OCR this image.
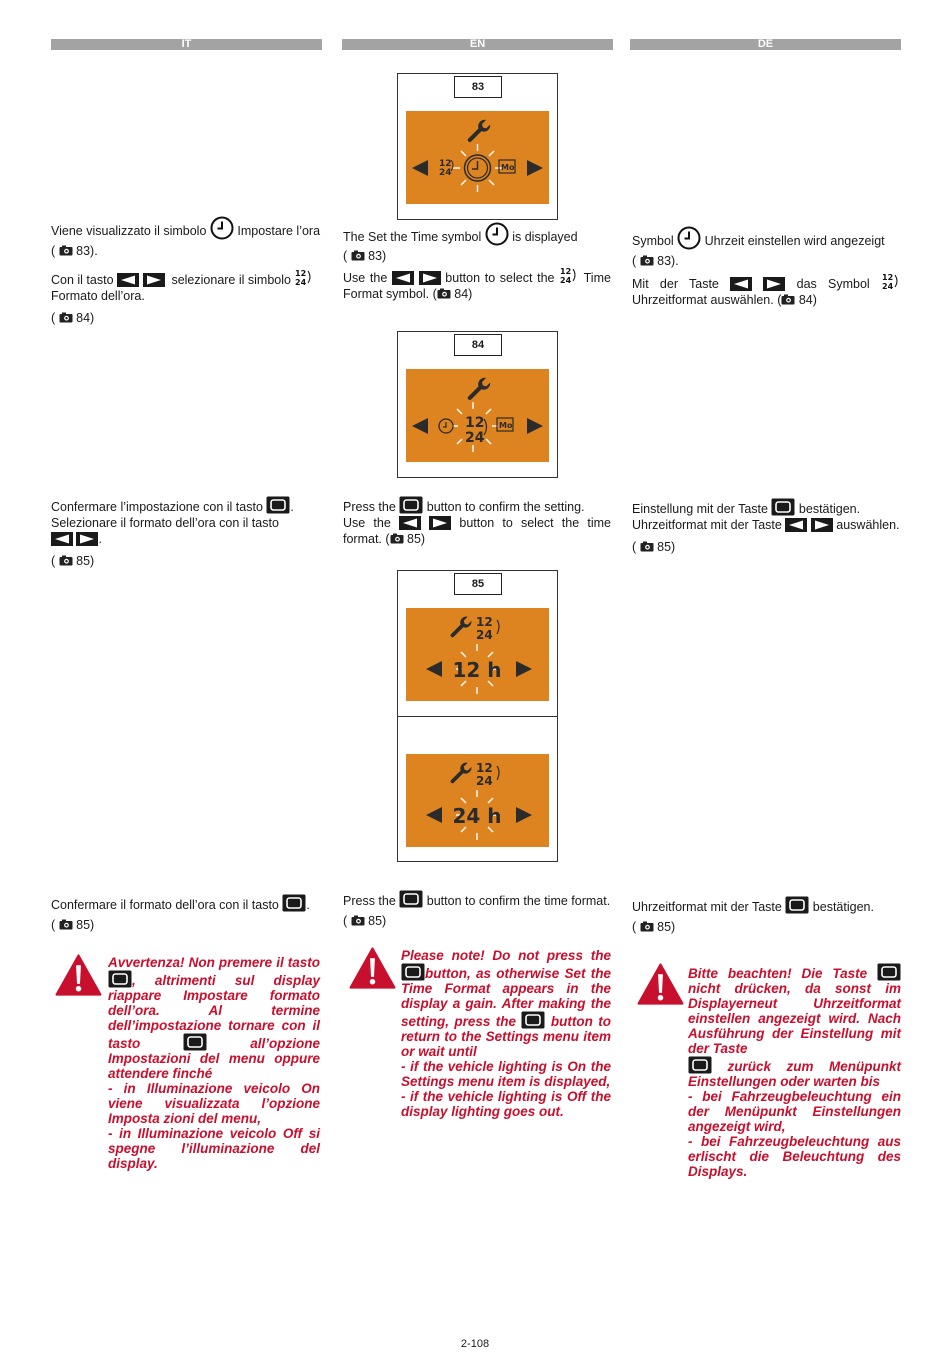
IT	EN	DE
83
12
24
Mo
84
12
24
Mo
85
12
24
12 h
12
24
24 h

Viene visualizzato il simbolo Impostare l’ora

(  83).

Con il tasto	selezionare il simbolo 12
24

Formato dell’ora.

(  84)

Confermare l’impostazione con il tasto .

Selezionare il formato dell’ora con il tasto

.

(  85)

Confermare il formato dell’ora con il tasto .

(  85)

Avvertenza! Non premere il tasto , altrimenti sul display riappare Impostare formato dell’ora. Al termine dell’impostazione tornare con il tasto	all’opzione Impostazioni del menu oppure attendere finché
- in Illuminazione veicolo On viene visualizzata l’opzione Imposta zioni del menu,
- in Illuminazione veicolo Off si spegne l’illuminazione del display.

The Set the Time symbol is displayed

(  83)

Use the	button to select the 12
24 Time Format symbol. ( 84)

Press the button to confirm the setting.

Use the	button to select the time format. ( 85)

Press the button to confirm the time format.

(  85)

Please note! Do not press the button, as otherwise Set the Time Format appears in the display a gain. After making the setting, press the	button to return to the Settings menu item or wait until
- if the vehicle lighting is On the Settings menu item is displayed,
- if the vehicle lighting is Off the display lighting goes out.

Symbol Uhrzeit einstellen wird angezeigt

(  83).

Mit der Taste	das Symbol 12
24
Uhrzeitformat auswählen. ( 84)

Einstellung mit der Taste bestätigen.

Uhrzeitformat mit der Taste	auswählen.

(  85)

Uhrzeitformat mit der Taste bestätigen.

(  85)

Bitte beachten! Die Taste  nicht drücken, da sonst im Displayerneut Uhrzeitformat einstellen angezeigt wird. Nach Ausführung der Einstellung mit der Taste
zurück zum Menüpunkt Einstellungen oder warten bis
- bei Fahrzeugbeleuchtung ein der Menüpunkt Einstellungen angezeigt wird,
- bei Fahrzeugbeleuchtung aus erlischt die Beleuchtung des Displays.
2-108
